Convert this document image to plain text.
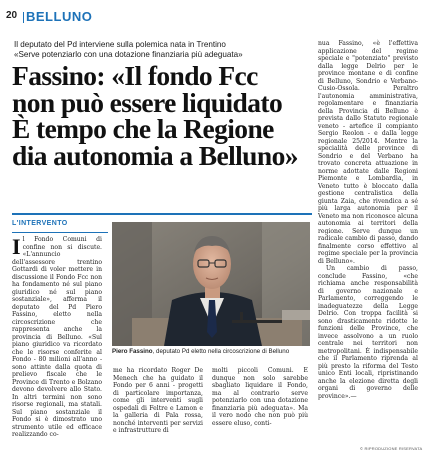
20 BELLUNO
Il deputato del Pd interviene sulla polemica nata in Trentino
«Serve potenziarlo con una dotazione finanziaria più adeguata»
Fassino: «Il fondo Fcc
non può essere liquidato
È tempo che la Regione
dia autonomia a Belluno»
L'INTERVENTO

Il Fondo Comuni di confine non si discute. «L'annuncio dell'assessore trentino Gottardi di voler mettere in discussione il Fondo Fcc non ha fondamento né sul piano giuridico né sul piano sostanziale», afferma il deputato del Pd Piero Fassino, eletto nella circoscrizione che rappresenta anche la provincia di Belluno. «Sul piano giuridico va ricordato che le risorse conferite al Fondo - 80 milioni all'anno - sono attinte dalla quota di prelievo fiscale che le Province di Trento e Bolzano devono devolvere allo Stato. In altri termini non sono risorse regionali, ma statali. Sul piano sostanziale il Fondo si è dimostrato uno strumento utile ed efficace realizzando co-

Piero Fassino, deputato Pd eletto nella circoscrizione di Belluno

me ha ricordato Roger De Menech che ha guidato il Fondo per 6 anni - progetti di particolare importanza, come gli interventi sugli ospedali di Feltre e Lamon e la galleria di Pala rossa, nonché interventi per servizi e infrastrutture di

molti piccoli Comuni. E dunque non solo sarebbe sbagliato liquidare il Fondo, ma al contrario serve potenziarlo con una dotazione finanziaria più adeguata». Ma il vero nodo che non può più essere eluso, conti-

nua Fassino, «è l'effettiva applicazione del regime speciale e "potenziato" previsto dalla legge Delrio per le province montane e di confine di Belluno, Sondrio e Verbano-Cusio-Ossola. Peraltro l'autonomia amministrativa, regolamentare e finanziaria della Provincia di Belluno è prevista dallo Statuto regionale veneto - artefice il compianto Sergio Reolon - e dalla legge regionale 25/2014. Mentre la specialità delle province di Sondrio e del Verbano ha trovato concreta attuazione in norme adottate dalle Regioni Piemonte e Lombardia, in Veneto tutto è bloccato dalla gestione centralistica della giunta Zaia, che rivendica a sé più larga autonomia per il Veneto ma non riconosce alcuna autonomia ai territori della regione. Serve dunque un radicale cambio di passo, dando finalmente corso effettivo al regime speciale per la provincia di Belluno».

Un cambio di passo, conclude Fassino, «che richiama anche responsabilità di governo nazionale e Parlamento, correggendo le inadeguatezze della Legge Delrio. Con troppa facilità si sono drasticamente ridotte le funzioni delle Province, che invece assolvono a un ruolo centrale nei territori non metropolitani. È indispensabile che il Parlamento riprenda al più presto la riforma del Testo unico Enti locali, ripristinando anche la elezione diretta degli organi di governo delle province».—

© RIPRODUZIONE RISERVATA
